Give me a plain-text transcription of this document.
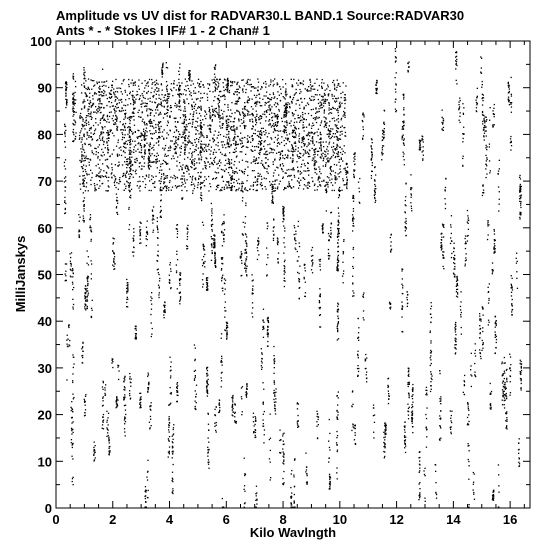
Amplitude vs UV dist for RADVAR30.L BAND.1 Source:RADVAR30
Ants * - * Stokes I IF# 1 - 2 Chan# 1
0	2	4	6	8	10	12	14	16
0
10
20
30
40
50
60
70
80
90
100
Kilo Wavlngth
MilliJanskys
